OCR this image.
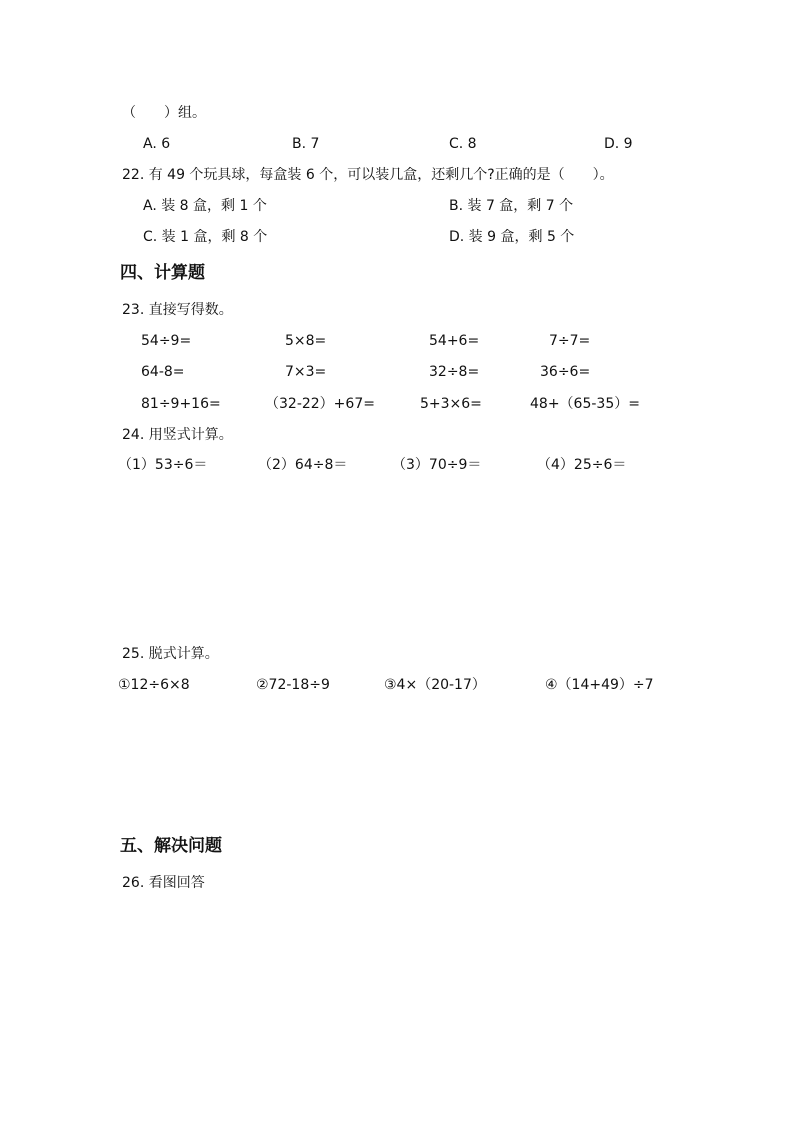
（　　）组。
A. 6	B. 7	C. 8	D. 9
22. 有 49 个玩具球，每盒装 6 个，可以装几盒，还剩几个?正确的是（　　）。
A. 装 8 盒，剩 1 个	B. 装 7 盒，剩 7 个
C. 装 1 盒，剩 8 个	D. 装 9 盒，剩 5 个
四、计算题
23. 直接写得数。
54÷9=	5×8=	54+6=	7÷7=
64-8=	7×3=	32÷8=	36÷6=
81÷9+16=	（32-22）+67=	5+3×6=	48+（65-35）=
24. 用竖式计算。
（1）53÷6＝	（2）64÷8＝	（3）70÷9＝	（4）25÷6＝
25. 脱式计算。
①12÷6×8	②72-18÷9	③4×（20-17）	④（14+49）÷7
五、解决问题
26. 看图回答
